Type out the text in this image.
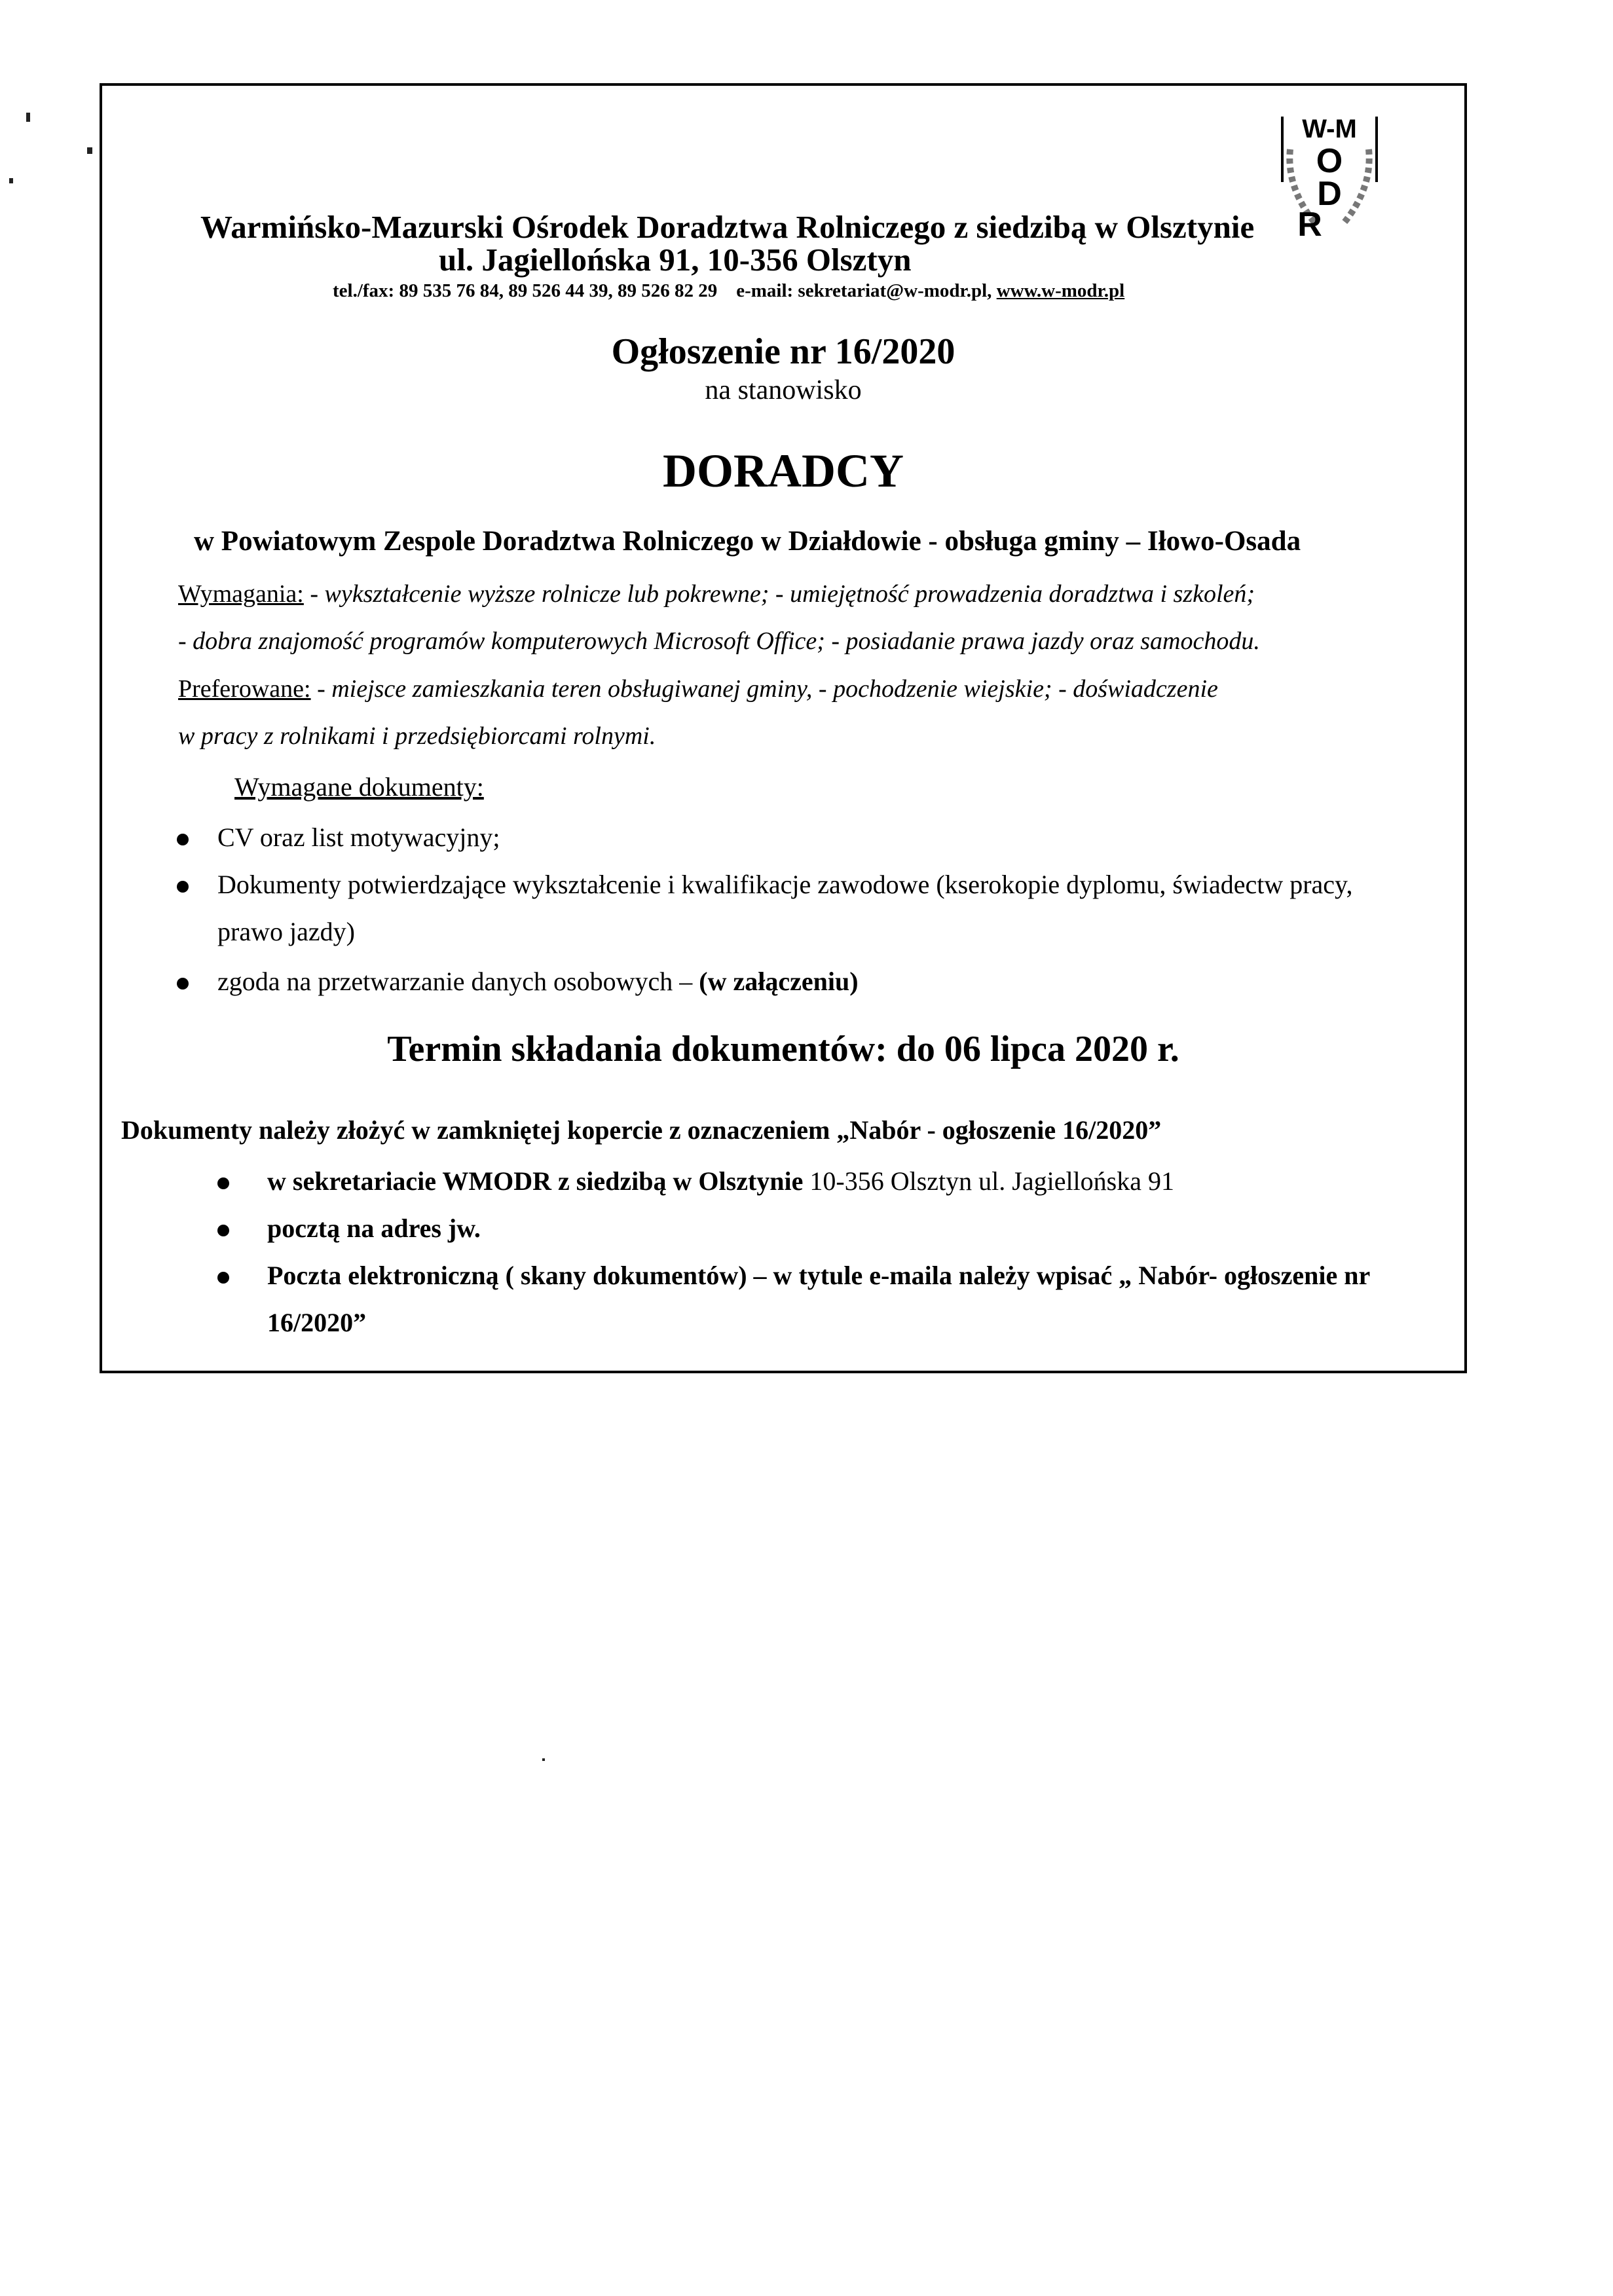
W-M
O
D
R
Warmińsko-Mazurski Ośrodek Doradztwa Rolniczego z siedzibą w Olsztynie
ul. Jagiellońska 91, 10-356 Olsztyn
tel./fax: 89 535 76 84, 89 526 44 39, 89 526 82 29 e-mail: sekretariat@w-modr.pl, www.w-modr.pl
Ogłoszenie nr 16/2020
na stanowisko
DORADCY
w Powiatowym Zespole Doradztwa Rolniczego w Działdowie - obsługa gminy – Iłowo-Osada
Wymagania: - wykształcenie wyższe rolnicze lub pokrewne; - umiejętność prowadzenia doradztwa i szkoleń;
- dobra znajomość programów komputerowych Microsoft Office; - posiadanie prawa jazdy oraz samochodu.
Preferowane: - miejsce zamieszkania teren obsługiwanej gminy, - pochodzenie wiejskie; - doświadczenie
w pracy z rolnikami i przedsiębiorcami rolnymi.
Wymagane dokumenty:
CV oraz list motywacyjny;
Dokumenty potwierdzające wykształcenie i kwalifikacje zawodowe (kserokopie dyplomu, świadectw pracy,
prawo jazdy)
zgoda na przetwarzanie danych osobowych – (w załączeniu)
Termin składania dokumentów: do 06 lipca 2020 r.
Dokumenty należy złożyć w zamkniętej kopercie z oznaczeniem „Nabór - ogłoszenie 16/2020”
w sekretariacie WMODR z siedzibą w Olsztynie 10-356 Olsztyn ul. Jagiellońska 91
pocztą na adres jw.
Poczta elektroniczną ( skany dokumentów) – w tytule e-maila należy wpisać „ Nabór- ogłoszenie nr
16/2020”
